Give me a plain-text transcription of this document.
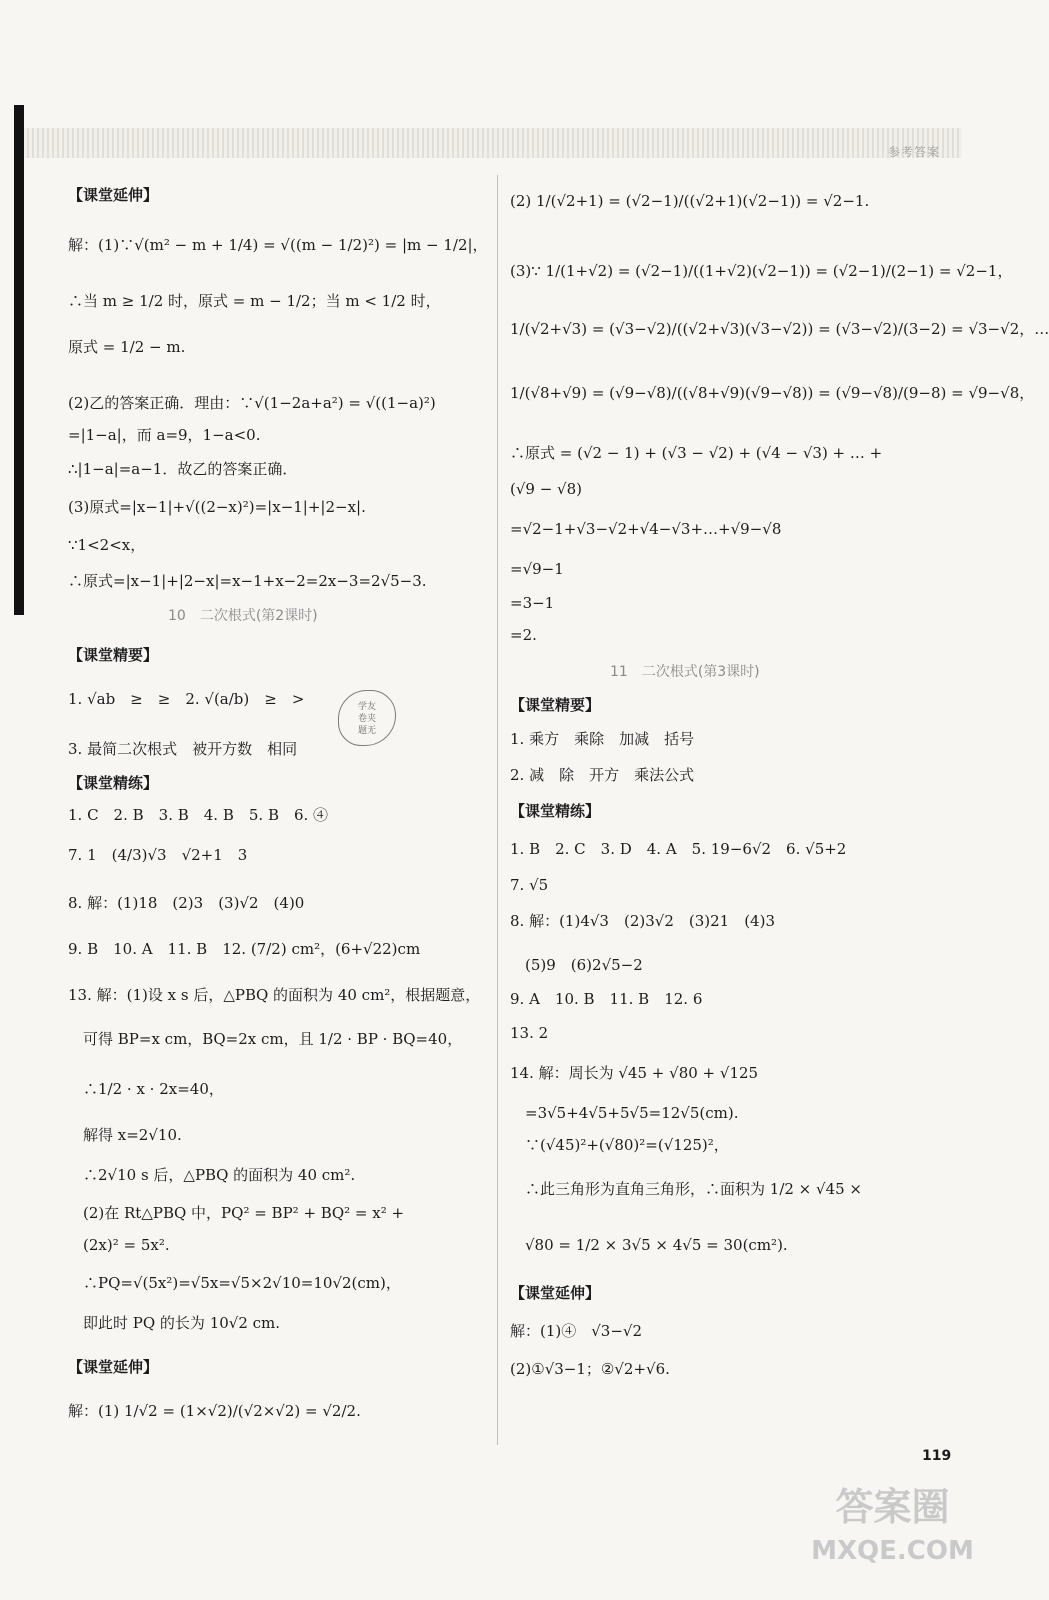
参考答案
【课堂延伸】
解：(1)∵√(m² − m + 1/4) = √((m − 1/2)²) = |m − 1/2|，
∴当 m ≥ 1/2 时，原式 = m − 1/2；当 m < 1/2 时，
原式 = 1/2 − m.
(2)乙的答案正确．理由：∵√(1−2a+a²) = √((1−a)²)
=|1−a|，而 a=9，1−a<0.
∴|1−a|=a−1．故乙的答案正确．
(3)原式=|x−1|+√((2−x)²)=|x−1|+|2−x|.
∵1<2<x，
∴原式=|x−1|+|2−x|=x−1+x−2=2x−3=2√5−3.
10　二次根式(第2课时)
【课堂精要】
1. √ab　≥　≥　2. √(a/b)　≥　>
3. 最简二次根式　被开方数　相同
【课堂精练】
1. C　2. B　3. B　4. B　5. B　6. ④
7. 1　(4/3)√3　√2+1　3
8. 解：(1)18　(2)3　(3)√2　(4)0
9. B　10. A　11. B　12. (7/2) cm²，(6+√22)cm
13. 解：(1)设 x s 后，△PBQ 的面积为 40 cm²，根据题意，
　可得 BP=x cm，BQ=2x cm，且 1/2 · BP · BQ=40，
　∴1/2 · x · 2x=40，
　解得 x=2√10.
　∴2√10 s 后，△PBQ 的面积为 40 cm².
　(2)在 Rt△PBQ 中，PQ² = BP² + BQ² = x² +
　(2x)² = 5x².
　∴PQ=√(5x²)=√5x=√5×2√10=10√2(cm)，
　即此时 PQ 的长为 10√2 cm.
【课堂延伸】
解：(1) 1/√2 = (1×√2)/(√2×√2) = √2/2.
(2) 1/(√2+1) = (√2−1)/((√2+1)(√2−1)) = √2−1.
(3)∵ 1/(1+√2) = (√2−1)/((1+√2)(√2−1)) = (√2−1)/(2−1) = √2−1，
1/(√2+√3) = (√3−√2)/((√2+√3)(√3−√2)) = (√3−√2)/(3−2) = √3−√2，…
1/(√8+√9) = (√9−√8)/((√8+√9)(√9−√8)) = (√9−√8)/(9−8) = √9−√8，
∴原式 = (√2 − 1) + (√3 − √2) + (√4 − √3) + … +
(√9 − √8)
=√2−1+√3−√2+√4−√3+…+√9−√8
=√9−1
=3−1
=2.
11　二次根式(第3课时)
【课堂精要】
1. 乘方　乘除　加减　括号
2. 减　除　开方　乘法公式
【课堂精练】
1. B　2. C　3. D　4. A　5. 19−6√2　6. √5+2
7. √5
8. 解：(1)4√3　(2)3√2　(3)21　(4)3
　(5)9　(6)2√5−2
9. A　10. B　11. B　12. 6
13. 2
14. 解：周长为 √45 + √80 + √125
　=3√5+4√5+5√5=12√5(cm).
　∵(√45)²+(√80)²=(√125)²，
　∴此三角形为直角三角形，∴面积为 1/2 × √45 ×
　√80 = 1/2 × 3√5 × 4√5 = 30(cm²).
【课堂延伸】
解：(1)④　√3−√2
(2)①√3−1；②√2+√6.
学友
卷夹
题无
119
答案圈
MXQE.COM
